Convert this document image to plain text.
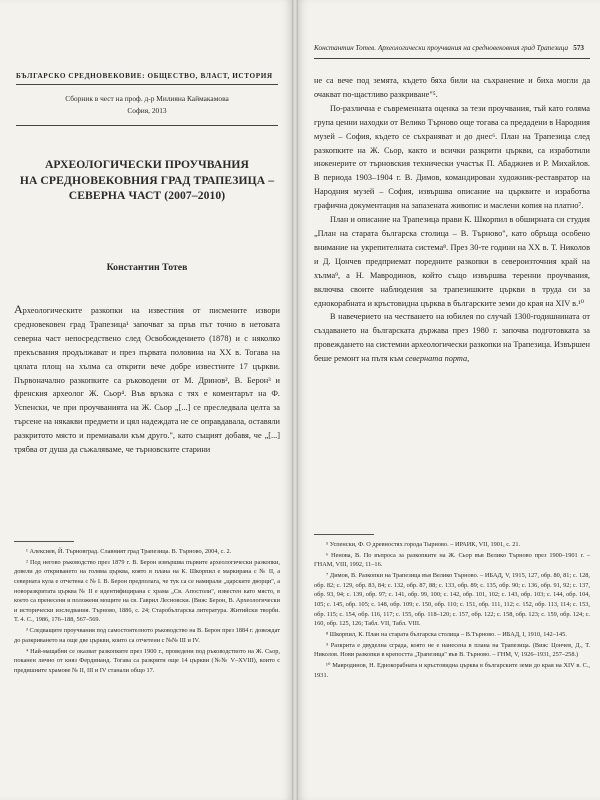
БЪЛГАРСКО СРЕДНОВЕКОВИЕ: ОБЩЕСТВО, ВЛАСТ, ИСТОРИЯ
Сборник в чест на проф. д-р Милияна Каймакамова
София, 2013
АРХЕОЛОГИЧЕСКИ ПРОУЧВАНИЯ
НА СРЕДНОВЕКОВНИЯ ГРАД ТРАПЕЗИЦА –
СЕВЕРНА ЧАСТ (2007–2010)
Константин Тотев

Археологическите разкопки на известния от писмените извори средновековен град Трапезица¹ започват за пръв път точно в нетовата северна част непосредствено след Освобождението (1878) и с няколко прекъсвания продължават и през първата половина на XX в. Тогава на цялата площ на хълма са открити вече добре известните 17 църкви. Първоначално разкопките са ръководени от М. Дринов², В. Берон³ и френския археолог Ж. Сьор⁴. Във връзка с тях е коментарът на Ф. Успенски, че при проучванията на Ж. Сьор „[...] се преследвала целта за търсене на някакви предмети и цял надеждата не се оправдавала, оставяли разкритото място и премиавали към друго.", като същият добавя, че „[...] трябва от душа да съжаляваме, че търновските старини

¹ Алексиев, Й. Търновград. Славният град Трапезица. В. Търново, 2004, с. 2.

² Под негово ръководство през 1879 г. В. Берон извършва първите археологически разкопки, довели до откриването на голяма църква, която в плана на К. Шкорпил е маркирана с № II, а северната кула е отчетена с № I. В. Берон предполага, че тук са се намирали „царските дворци", а новоразкритата църква № II е идентифицирана с храма „Св. Апостоли", известен като място, в което са пренесени и положени мощите на св. Гаврил Лесновски. (Виж: Берон, В. Археологически и исторически изследвания. Търново, 1886, с. 24; Старобългарска литература. Житийски творби. Т. 4. С., 1986, 176–188, 567–569.

³ Следващите проучвания под самостоятелното ръководство на В. Берон през 1884 г. довеждат до разкриването на още две църкви, които са отчетени с №№ III и IV.

⁴ Най-мащабни се оказват разкопките през 1900 г., проведени под ръководството на Ж. Сьор, поканен лично от княз Фердинанд. Тогава са разкрити още 14 църкви (№№ V–XVIII), които с предишните храмове № II, III и IV станали общо 17.

Константин Тотев. Археологически проучвания на средновековния град Трапезица 573

не са вече под земята, където бяха били на съхранение и биха могли да очакват по-щастливо разкриване"⁵.

По-различна е съвременната оценка за тези проучвания, тъй като голяма група ценни находки от Велико Търново още тогава са предадени в Народния музей – София, където се съхраняват и до днес⁶. План на Трапезица след разкопките на Ж. Сьор, както и всички разкрити църкви, са изработили инженерите от търновския технически участък П. Абаджиев и Р. Михайлов. В периода 1903–1904 г. В. Димов, командирован художник-реставратор на Народния музей – София, извършва описание на църквите и изработва графична документация на запазената живопис и маслени копия на платно⁷.

План и описание на Трапезица прави К. Шкорпил в обширната си студия „План на старата българска столица – В. Търново", като обръща особено внимание на укрепителната система⁸. През 30-те години на XX в. Т. Николов и Д. Цончев предприемат поредните разкопки в североизточния край на хълма⁹, а Н. Мавродинов, който също извършва теренни проучвания, включва своите наблюдения за трапезишките църкви в труда си за еднокорабната и кръстовидна църква в българските земи до края на XIV в.¹⁰

В навечерието на честването на юбилея по случай 1300-годишнината от създаването на българската държава през 1980 г. започва подготовката за провеждането на системни археологически разкопки на Трапезица. Извършен беше ремонт на пътя към северната порта,

⁵ Успенски, Ф. О древностях города Тырново. – ИРАИК, VII, 1901, с. 21.

⁶ Ненова, В. По въпроса за разкопките на Ж. Сьор във Велико Търново през 1900–1901 г. – ГНАМ, VIII, 1992, 11–16.

⁷ Димов, В. Разкопки на Трапезица във Велико Търново. – ИБАД, V, 1915, 127, обр. 80, 81; с. 128, обр. 82; с. 129, обр. 83, 84; с. 132, обр. 87, 88; с. 133, обр. 89; с. 135, обр. 90; с. 136, обр. 91, 92; с. 137, обр. 93, 94; с. 139, обр. 97; с. 141, обр. 99, 100; с. 142, обр. 101, 102; с. 143, обр. 103; с. 144, обр. 104, 105; с. 145, обр. 105; с. 148, обр. 109; с. 150, обр. 110; с. 151, обр. 111, 112; с. 152, обр. 113, 114; с. 153, обр. 115; с. 154, обр. 116, 117; с. 155, обр. 118–120; с. 157, обр. 122; с. 158, обр. 123; с. 159, обр. 124; с. 160, обр. 125, 126; Табл. VII, Табл. VIII.

⁸ Шкорпил, К. План на старата българска столица – В.Търново. – ИБАД, I, 1910, 142–145.

⁹ Разкрита е двуделна сграда, която не е нанесена в плана на Трапезица. (Виж: Цончев, Д., Т. Николов. Нови разкопки в крепостта „Трапезица" във В. Търново. – ГНМ, V, 1926–1931, 257–258.)

¹⁰ Мавродинов, Н. Еднокорабната и кръстовидна църква в българските земи до края на XIV в. С., 1931.
